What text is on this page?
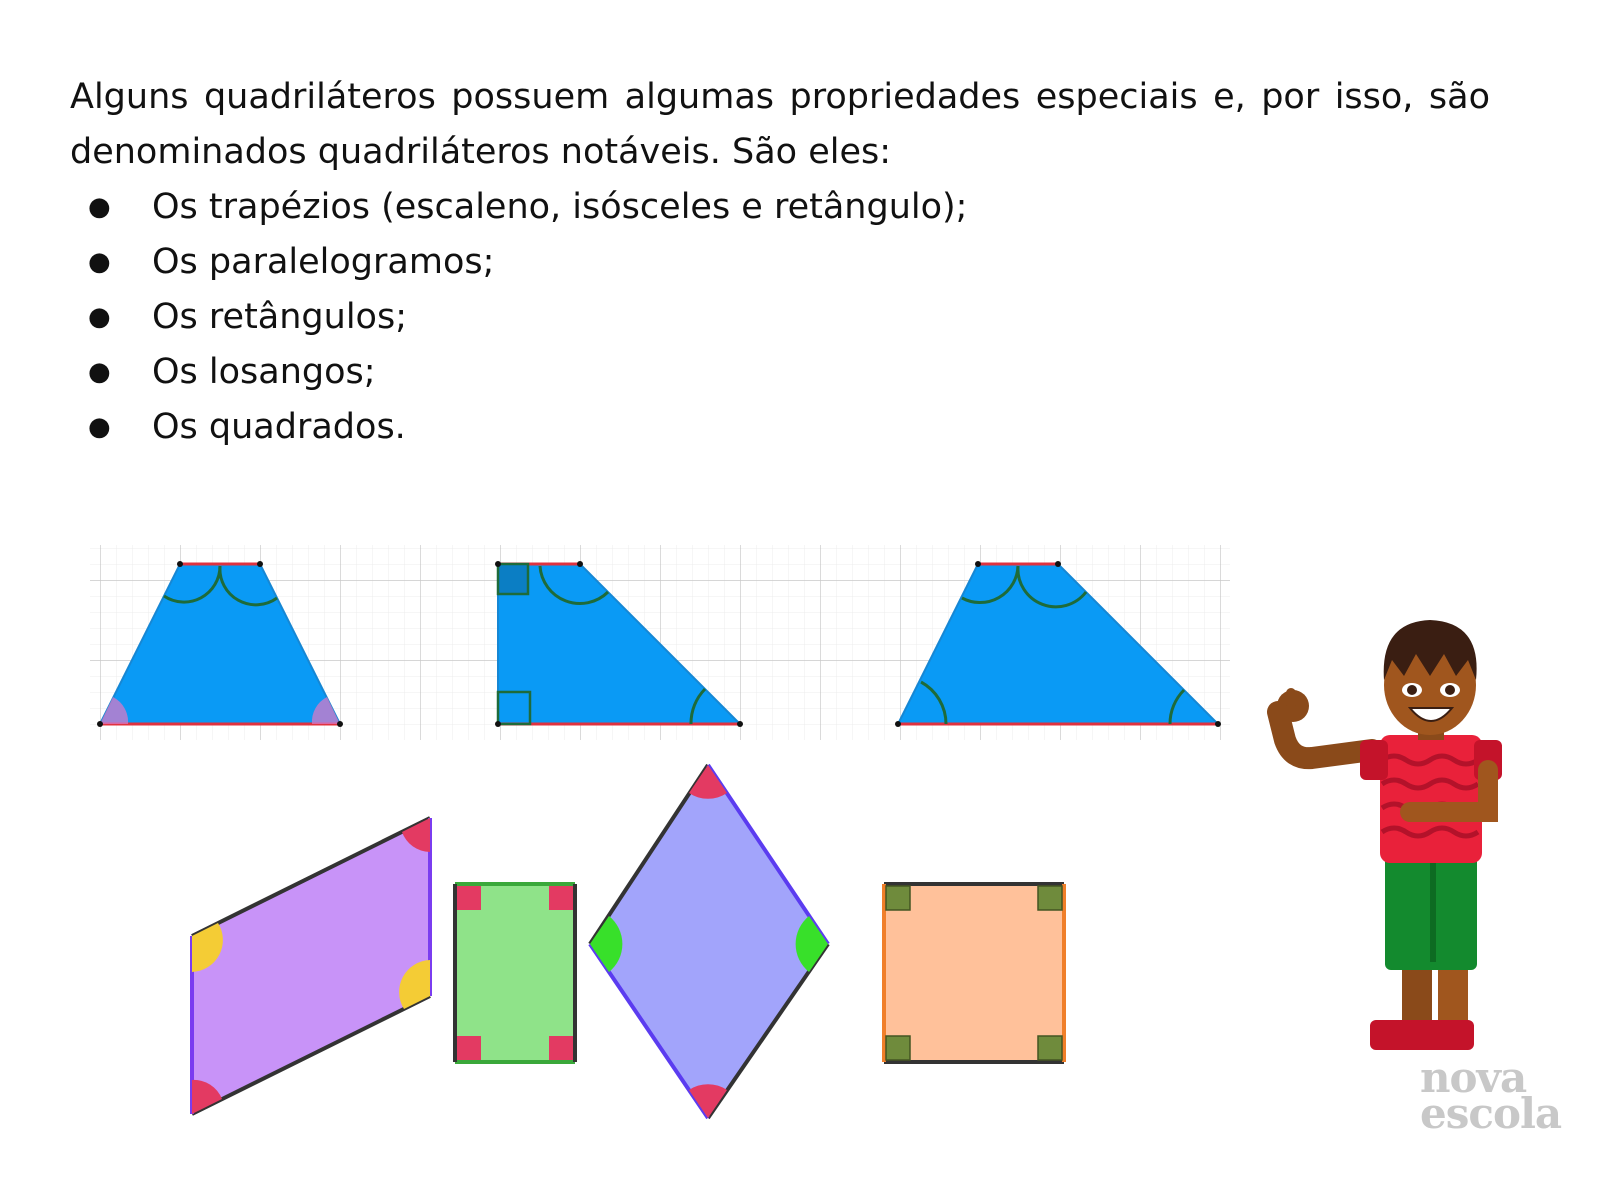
Alguns quadriláteros possuem algumas propriedades especiais e, por isso, são denominados quadriláteros notáveis. São eles:

● Os trapézios (escaleno, isósceles e retângulo);
● Os paralelogramos;
● Os retângulos;
● Os losangos;
● Os quadrados.
nova
escola
